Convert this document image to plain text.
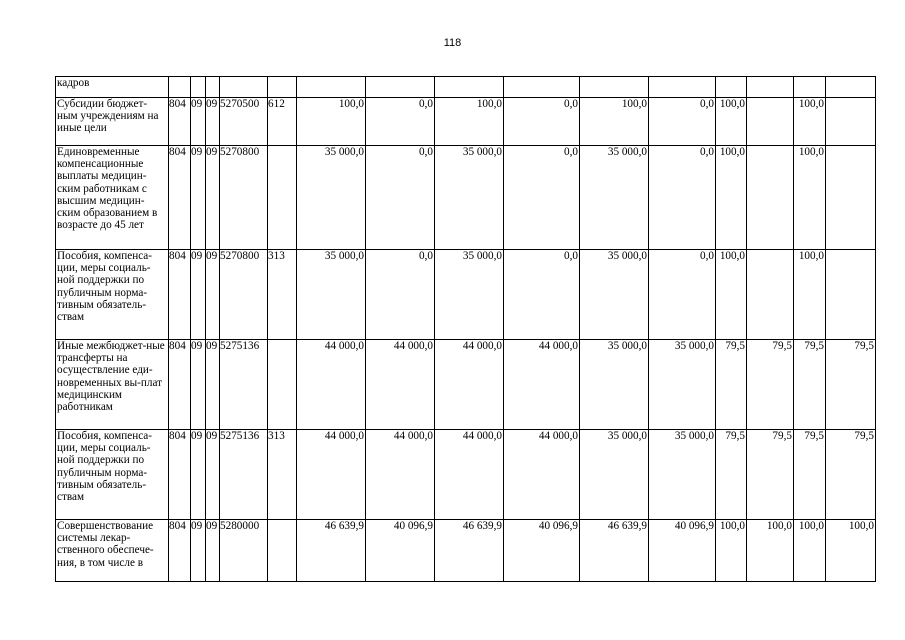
118
кадров															
Субсидии бюджет-ным учреждениям на иные цели	804	09	09	5270500	612	100,0	0,0	100,0	0,0	100,0	0,0	100,0		100,0	
Единовременные компенсационные выплаты медицин-ским работникам с высшим медицин-ским образованием в возрасте до 45 лет	804	09	09	5270800		35 000,0	0,0	35 000,0	0,0	35 000,0	0,0	100,0		100,0	
Пособия, компенса-ции, меры социаль-ной поддержки по публичным норма-тивным обязатель-ствам	804	09	09	5270800	313	35 000,0	0,0	35 000,0	0,0	35 000,0	0,0	100,0		100,0	
Иные межбюджет-ные трансферты на осуществление еди-новременных вы-плат медицинским работникам	804	09	09	5275136		44 000,0	44 000,0	44 000,0	44 000,0	35 000,0	35 000,0	79,5	79,5	79,5	79,5
Пособия, компенса-ции, меры социаль-ной поддержки по публичным норма-тивным обязатель-ствам	804	09	09	5275136	313	44 000,0	44 000,0	44 000,0	44 000,0	35 000,0	35 000,0	79,5	79,5	79,5	79,5
Совершенствование системы лекар-ственного обеспече-ния, в том числе в	804	09	09	5280000		46 639,9	40 096,9	46 639,9	40 096,9	46 639,9	40 096,9	100,0	100,0	100,0	100,0
